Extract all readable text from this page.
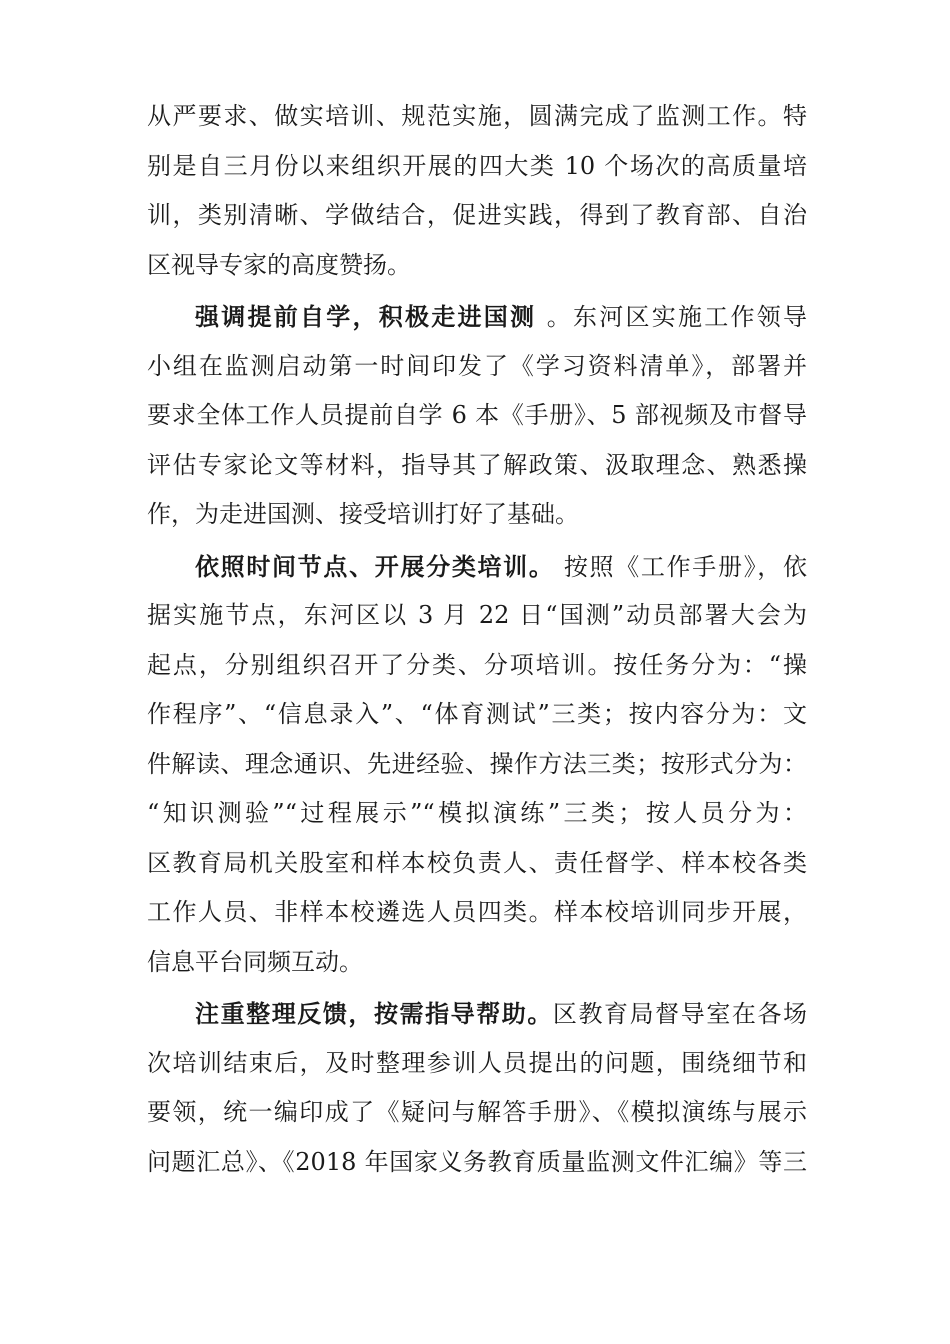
从严要求、做实培训、规范实施，圆满完成了监测工作。特
别是自三月份以来组织开展的四大类 10 个场次的高质量培
训，类别清晰、学做结合，促进实践，得到了教育部、自治
区视导专家的高度赞扬。
强调提前自学，积极走进国测 。东河区实施工作领导
小组在监测启动第一时间印发了《学习资料清单》，部署并
要求全体工作人员提前自学 6 本《手册》、5 部视频及市督导
评估专家论文等材料，指导其了解政策、汲取理念、熟悉操
作，为走进国测、接受培训打好了基础。
依照时间节点、开展分类培训。 按照《工作手册》，依
据实施节点，东河区以 3 月 22 日“国测”动员部署大会为
起点，分别组织召开了分类、分项培训。按任务分为：“操
作程序”、“信息录入”、“体育测试”三类；按内容分为：文
件解读、理念通识、先进经验、操作方法三类；按形式分为：
“知识测验”“过程展示”“模拟演练”三类；按人员分为：
区教育局机关股室和样本校负责人、责任督学、样本校各类
工作人员、非样本校遴选人员四类。样本校培训同步开展，
信息平台同频互动。
注重整理反馈，按需指导帮助。区教育局督导室在各场
次培训结束后，及时整理参训人员提出的问题，围绕细节和
要领，统一编印成了《疑问与解答手册》、《模拟演练与展示
问题汇总》、《2018 年国家义务教育质量监测文件汇编》等三
